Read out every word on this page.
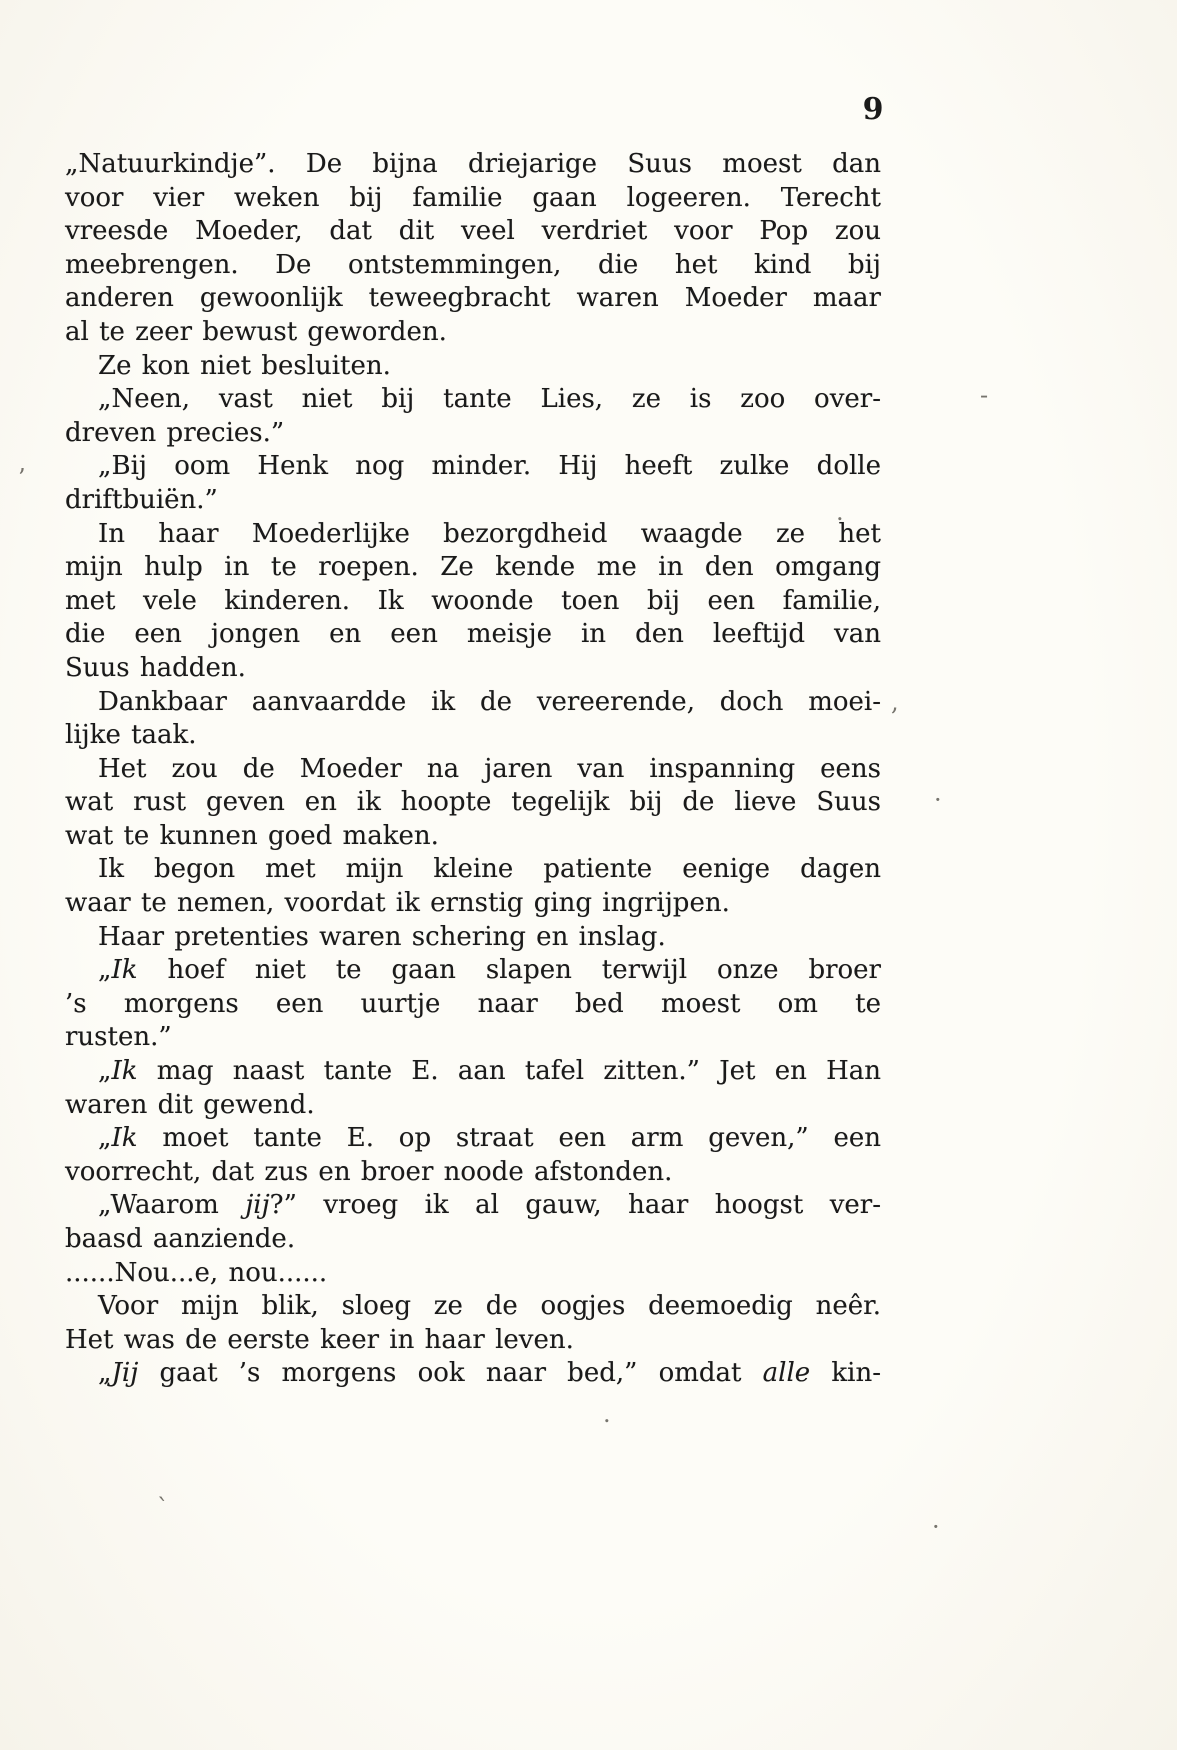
9
„Natuurkindje”. De bijna driejarige Suus moest dan
voor vier weken bij familie gaan logeeren. Terecht
vreesde Moeder, dat dit veel verdriet voor Pop zou
meebrengen. De ontstemmingen, die het kind bij
anderen gewoonlijk teweegbracht waren Moeder maar
al te zeer bewust geworden.
Ze kon niet besluiten.
„Neen, vast niet bij tante Lies, ze is zoo over-
dreven precies.”
„Bij oom Henk nog minder. Hij heeft zulke dolle
driftbuiën.”
In haar Moederlijke bezorgdheid waagde ze het
mijn hulp in te roepen. Ze kende me in den omgang
met vele kinderen. Ik woonde toen bij een familie,
die een jongen en een meisje in den leeftijd van
Suus hadden.
Dankbaar aanvaardde ik de vereerende, doch moei-
lijke taak.
Het zou de Moeder na jaren van inspanning eens
wat rust geven en ik hoopte tegelijk bij de lieve Suus
wat te kunnen goed maken.
Ik begon met mijn kleine patiente eenige dagen
waar te nemen, voordat ik ernstig ging ingrijpen.
Haar pretenties waren schering en inslag.
„Ik hoef niet te gaan slapen terwijl onze broer
’s morgens een uurtje naar bed moest om te
rusten.”
„Ik mag naast tante E. aan tafel zitten.” Jet en Han
waren dit gewend.
„Ik moet tante E. op straat een arm geven,” een
voorrecht, dat zus en broer noode afstonden.
„Waarom jij?” vroeg ik al gauw, haar hoogst ver-
baasd aanziende.
......Nou...e, nou......
Voor mijn blik, sloeg ze de oogjes deemoedig neêr.
Het was de eerste keer in haar leven.
„Jij gaat ’s morgens ook naar bed,” omdat alle kin-
-
’
.
,
·
.
`
·
